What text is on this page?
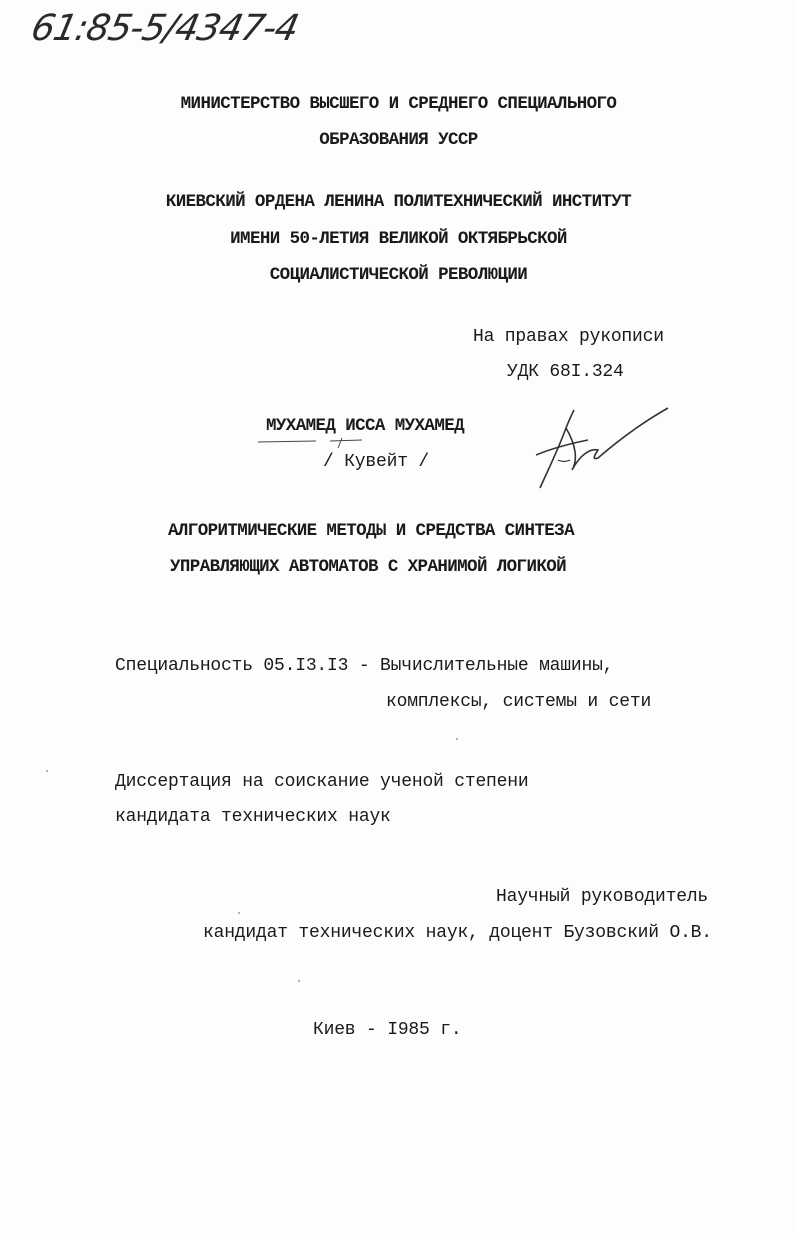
61:85-5/4347-4
МИНИСТЕРСТВО ВЫСШЕГО И СРЕДНЕГО СПЕЦИАЛЬНОГО
ОБРАЗОВАНИЯ УССР
КИЕВСКИЙ ОРДЕНА ЛЕНИНА ПОЛИТЕХНИЧЕСКИЙ ИНСТИТУТ
ИМЕНИ 50-ЛЕТИЯ ВЕЛИКОЙ ОКТЯБРЬСКОЙ
СОЦИАЛИСТИЧЕСКОЙ РЕВОЛЮЦИИ
На правах рукописи
УДК 68I.324
МУХАМЕД ИССА МУХАМЕД
/ Кувейт /
АЛГОРИТМИЧЕСКИЕ МЕТОДЫ И СРЕДСТВА СИНТЕЗА
УПРАВЛЯЮЩИХ АВТОМАТОВ С ХРАНИМОЙ ЛОГИКОЙ
Специальность 05.I3.I3 - Вычислительные машины,
комплексы, системы и сети
Диссертация на соискание ученой степени
кандидата технических наук
Научный руководитель
кандидат технических наук, доцент Бузовский О.В.
Киев - I985 г.
